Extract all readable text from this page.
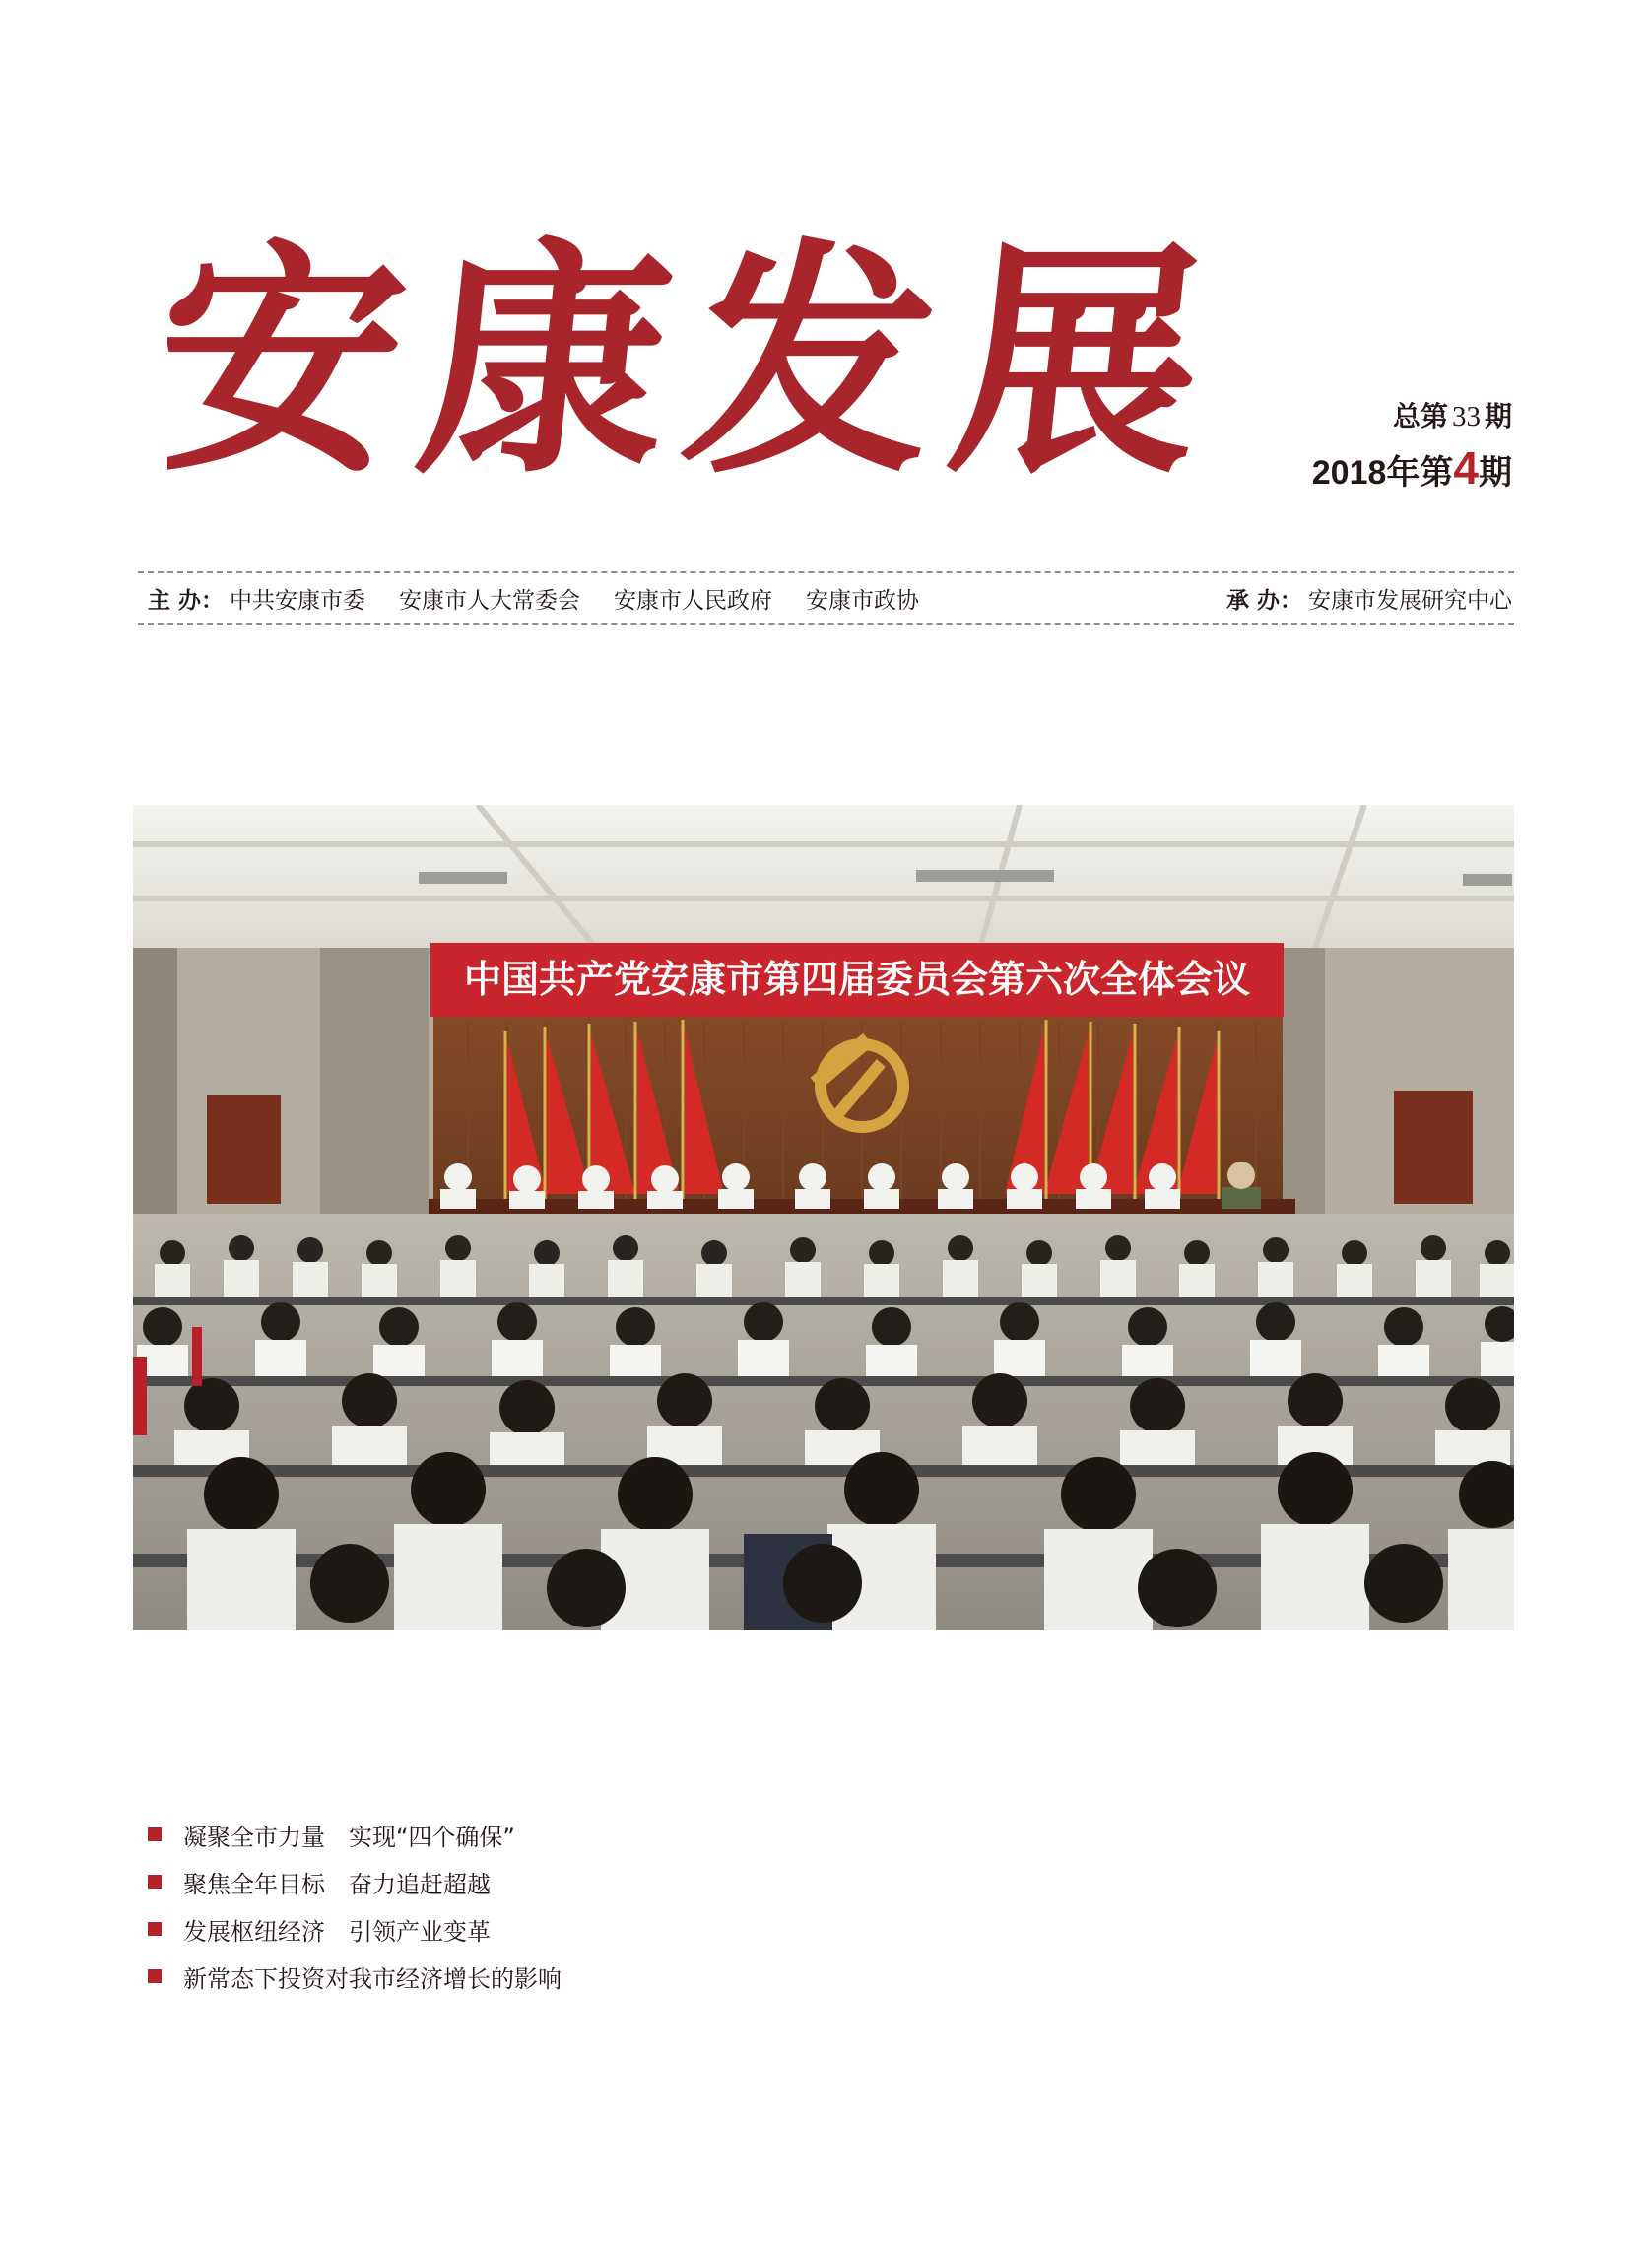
安康发展	总第 33 期
2018年第4期
主 办： 中共安康市委 安康市人大常委会 安康市人民政府 安康市政协	承 办： 安康市发展研究中心
中国共产党安康市第四届委员会第六次全体会议
凝聚全市力量　实现“四个确保”
聚焦全年目标　奋力追赶超越
发展枢纽经济　引领产业变革
新常态下投资对我市经济增长的影响
